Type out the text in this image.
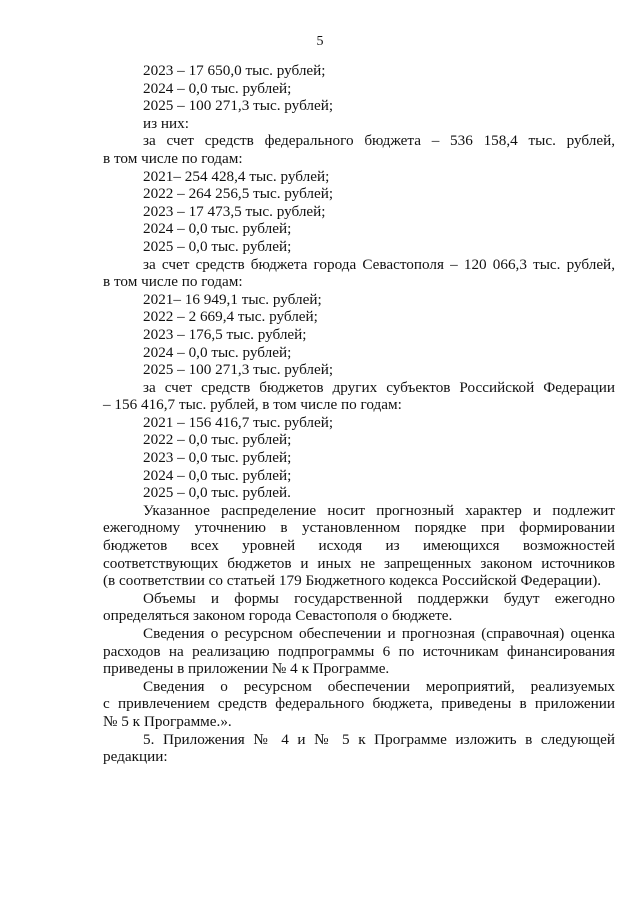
5
2023 – 17 650,0 тыс. рублей;
2024 – 0,0 тыс. рублей;
2025 – 100 271,3 тыс. рублей;
из них:
за счет средств федерального бюджета – 536 158,4 тыс. рублей,
в том числе по годам:
2021– 254 428,4 тыс. рублей;
2022 – 264 256,5 тыс. рублей;
2023 – 17 473,5 тыс. рублей;
2024 – 0,0 тыс. рублей;
2025 – 0,0 тыс. рублей;
за счет средств бюджета города Севастополя – 120 066,3 тыс. рублей,
в том числе по годам:
2021– 16 949,1 тыс. рублей;
2022 – 2 669,4 тыс. рублей;
2023 – 176,5 тыс. рублей;
2024 – 0,0 тыс. рублей;
2025 – 100 271,3 тыс. рублей;
за счет средств бюджетов других субъектов Российской Федерации
– 156 416,7 тыс. рублей, в том числе по годам:
2021 – 156 416,7 тыс. рублей;
2022 – 0,0 тыс. рублей;
2023 – 0,0 тыс. рублей;
2024 – 0,0 тыс. рублей;
2025 – 0,0 тыс. рублей.
Указанное распределение носит прогнозный характер и подлежит
ежегодному уточнению в установленном порядке при формировании
бюджетов всех уровней исходя из имеющихся возможностей
соответствующих бюджетов и иных не запрещенных законом источников
(в соответствии со статьей 179 Бюджетного кодекса Российской Федерации).
Объемы и формы государственной поддержки будут ежегодно
определяться законом города Севастополя о бюджете.
Сведения о ресурсном обеспечении и прогнозная (справочная) оценка
расходов на реализацию подпрограммы 6 по источникам финансирования
приведены в приложении № 4 к Программе.
Сведения о ресурсном обеспечении мероприятий, реализуемых
с привлечением средств федерального бюджета, приведены в приложении
№ 5 к Программе.».
5. Приложения № 4 и № 5 к Программе изложить в следующей
редакции:
